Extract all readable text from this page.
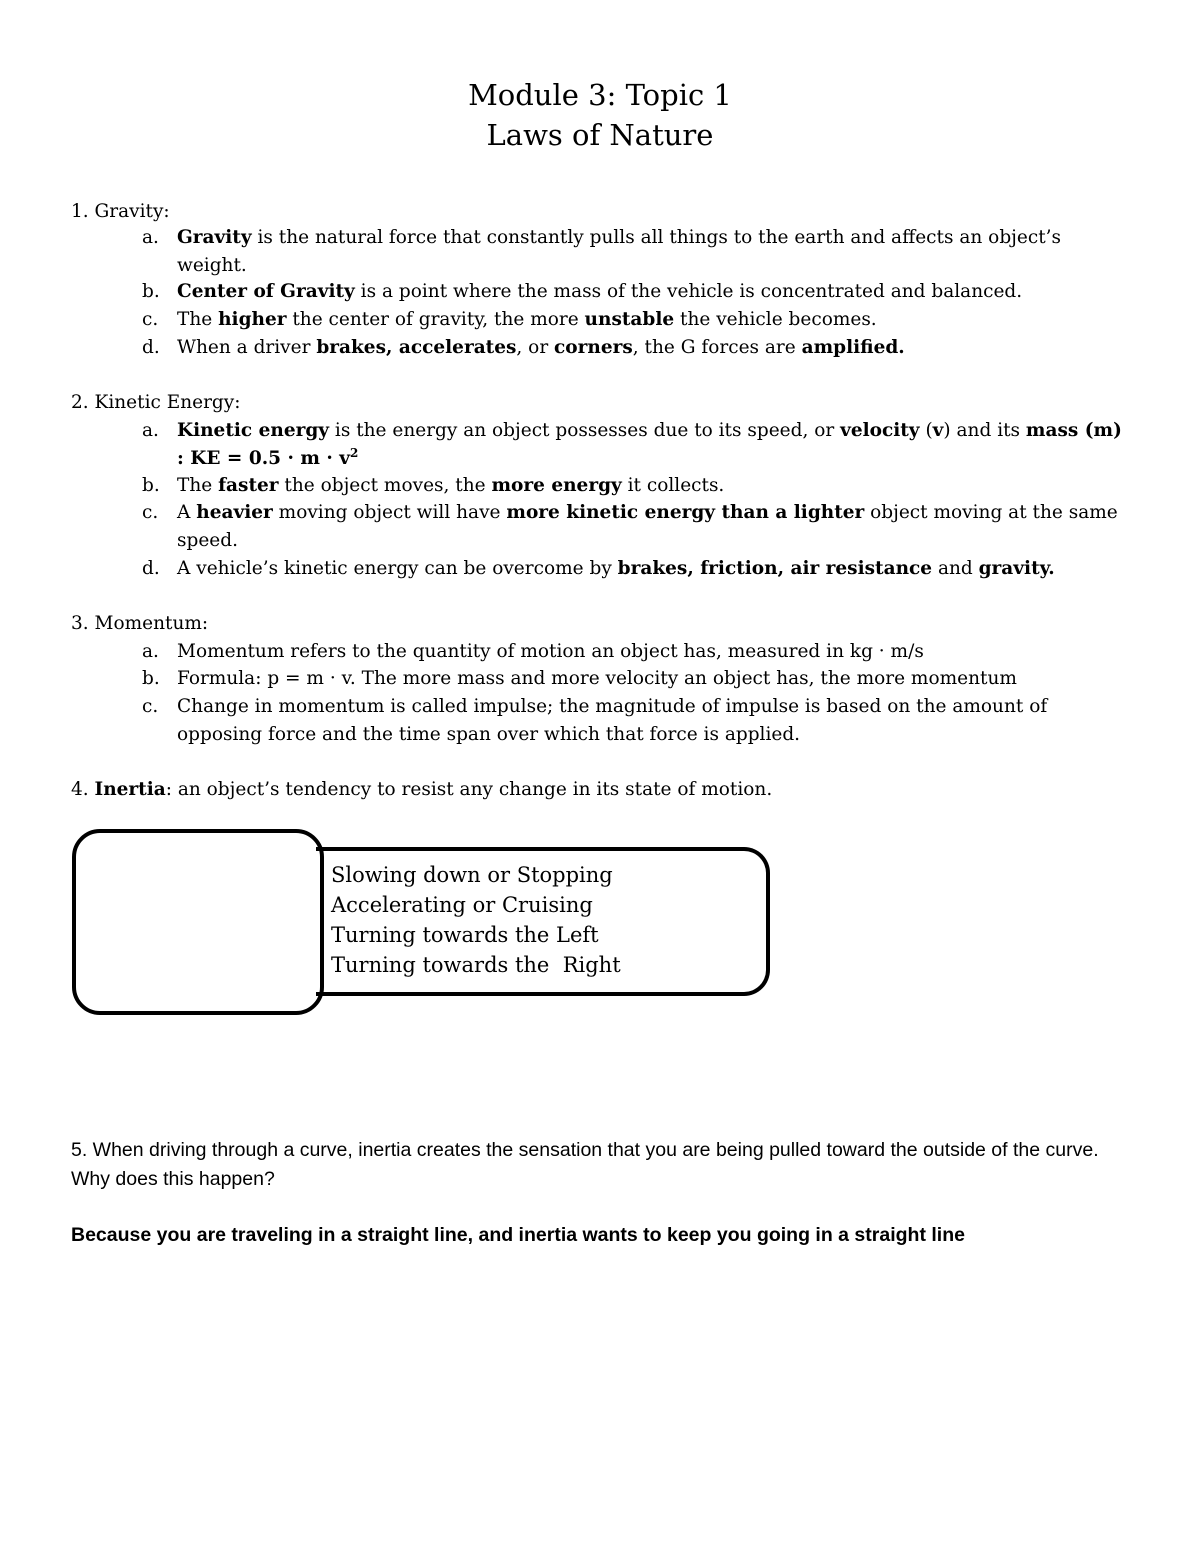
Module 3: Topic 1
Laws of Nature
1. Gravity:
a. Gravity is the natural force that constantly pulls all things to the earth and affects an object’s weight.
b. Center of Gravity is a point where the mass of the vehicle is concentrated and balanced.
c.	The higher the center of gravity, the more unstable the vehicle becomes.
d. When a driver brakes, accelerates, or corners, the G forces are amplified.
2. Kinetic Energy:
a. Kinetic energy is the energy an object possesses due to its speed, or velocity (v) and its mass (m) : KE = $0.5 \cdot m \cdot v^2$
b. The faster the object moves, the more energy it collects.
c.	A heavier moving object will have more kinetic energy than a lighter object moving at the same speed.
d. A vehicle’s kinetic energy can be overcome by brakes, friction, air resistance and gravity.
3. Momentum:
a. Momentum refers to the quantity of motion an object has, measured in kg · m/s
b. Formula: p = m · v. The more mass and more velocity an object has, the more momentum
c.	Change in momentum is called impulse; the magnitude of impulse is based on the amount of opposing force and the time span over which that force is applied.
4. Inertia: an object’s tendency to resist any change in its state of motion.
Slowing down or Stopping
Accelerating or Cruising
Turning towards the Left
Turning towards the  Right
5. When driving through a curve, inertia creates the sensation that you are being pulled toward the outside of the curve.  Why does this happen?
Because you are traveling in a straight line, and inertia wants to keep you going in a straight line
